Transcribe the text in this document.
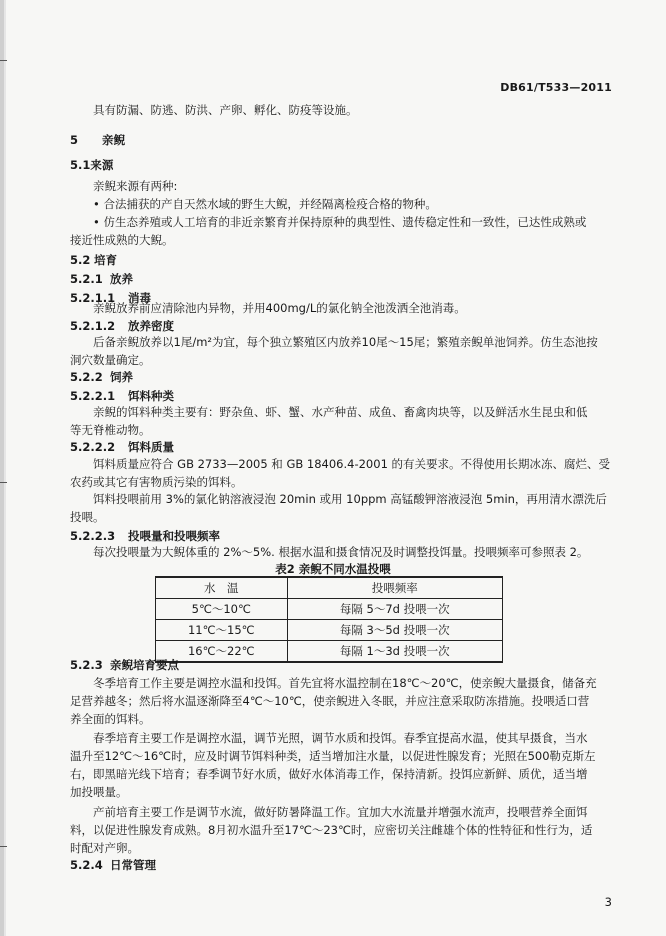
DB61/T533—2011
具有防漏、防逃、防洪、产卵、孵化、防疫等设施。
5 亲鲵
5.1来源
亲鲵来源有两种:
• 合法捕获的产自天然水域的野生大鲵，并经隔离检疫合格的物种。
• 仿生态养殖或人工培育的非近亲繁育并保持原种的典型性、遗传稳定性和一致性，已达性成熟或
接近性成熟的大鲵。
5.2 培育
5.2.1 放养
5.2.1.1 消毒
亲鲵放养前应清除池内异物，并用400mg/L的氯化钠全池泼洒全池消毒。
5.2.1.2 放养密度
后备亲鲵放养以1尾/m²为宜，每个独立繁殖区内放养10尾～15尾；繁殖亲鲵单池饲养。仿生态池按
洞穴数量确定。
5.2.2 饲养
5.2.2.1 饵料种类
亲鲵的饵料种类主要有：野杂鱼、虾、蟹、水产种苗、成鱼、畜禽肉块等，以及鲜活水生昆虫和低
等无脊椎动物。
5.2.2.2 饵料质量
饵料质量应符合 GB 2733—2005 和 GB 18406.4-2001 的有关要求。不得使用长期冰冻、腐烂、受
农药或其它有害物质污染的饵料。
饵料投喂前用 3%的氯化钠溶液浸泡 20min 或用 10ppm 高锰酸钾溶液浸泡 5min，再用清水漂洗后
投喂。
5.2.2.3 投喂量和投喂频率
每次投喂量为大鲵体重的 2%～5%. 根据水温和摄食情况及时调整投饵量。投喂频率可参照表 2。
表2 亲鲵不同水温投喂
水　温	投喂频率
5℃～10℃	每隔 5～7d 投喂一次
11℃～15℃	每隔 3～5d 投喂一次
16℃～22℃	每隔 1～3d 投喂一次
5.2.3 亲鲵培育要点
冬季培育工作主要是调控水温和投饵。首先宜将水温控制在18℃～20℃，使亲鲵大量摄食，储备充
足营养越冬；然后将水温逐渐降至4℃～10℃，使亲鲵进入冬眠，并应注意采取防冻措施。投喂适口营
养全面的饵料。
春季培育主要工作是调控水温，调节光照，调节水质和投饵。春季宜提高水温，使其早摄食，当水
温升至12℃～16℃时，应及时调节饵料种类，适当增加注水量，以促进性腺发育；光照在500勒克斯左
右，即黑暗光线下培育；春季调节好水质，做好水体消毒工作，保持清新。投饵应新鲜、质优，适当增
加投喂量。
产前培育主要工作是调节水流，做好防暑降温工作。宜加大水流量并增强水流声，投喂营养全面饵
料，以促进性腺发育成熟。8月初水温升至17℃～23℃时，应密切关注雌雄个体的性特征和性行为，适
时配对产卵。
5.2.4 日常管理
3
